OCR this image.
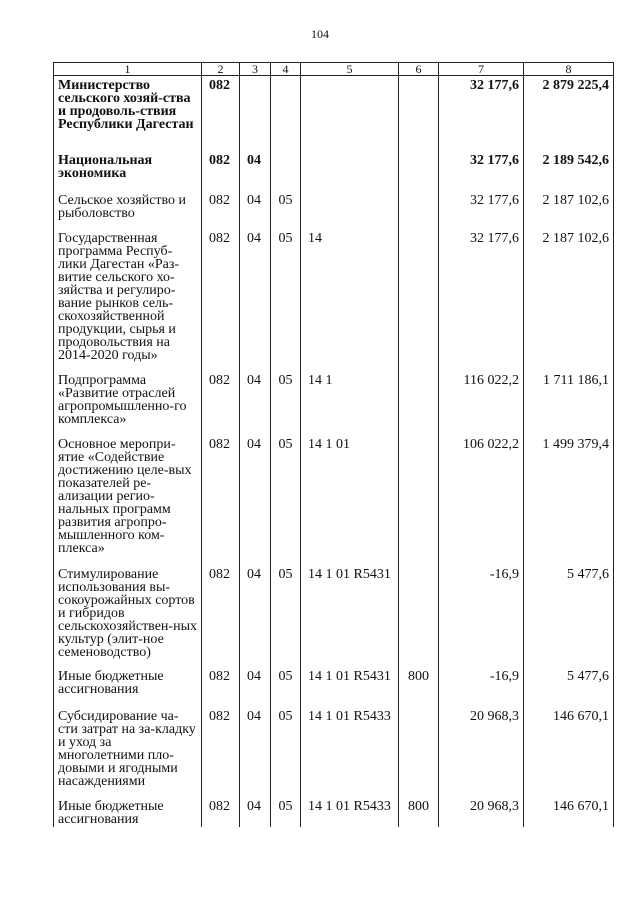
104
1	2	3	4	5	6	7	8
Министерство сельского хозяй-ства и продоволь-ствия Республики Дагестан	082					32 177,6	2 879 225,4
Национальная экономика	082	04				32 177,6	2 189 542,6
Сельское хозяйство и рыболовство	082	04	05			32 177,6	2 187 102,6
Государственная программа Респуб-лики Дагестан «Раз-витие сельского хо-зяйства и регулиро-вание рынков сель-скохозяйственной продукции, сырья и продовольствия на 2014-2020 годы»	082	04	05	14		32 177,6	2 187 102,6
Подпрограмма «Развитие отраслей агропромышленно-го комплекса»	082	04	05	14 1		116 022,2	1 711 186,1
Основное меропри-ятие «Содействие достижению целе-вых показателей ре-ализации регио-нальных программ развития агропро-мышленного ком-плекса»	082	04	05	14 1 01		106 022,2	1 499 379,4
Стимулирование использования вы-сокоурожайных сортов и гибридов сельскохозяйствен-ных культур (элит-ное семеноводство)	082	04	05	14 1 01 R5431		-16,9	5 477,6
Иные бюджетные ассигнования	082	04	05	14 1 01 R5431	800	-16,9	5 477,6
Субсидирование ча-сти затрат на за-кладку и уход за многолетними пло-довыми и ягодными насаждениями	082	04	05	14 1 01 R5433		20 968,3	146 670,1
Иные бюджетные ассигнования	082	04	05	14 1 01 R5433	800	20 968,3	146 670,1
